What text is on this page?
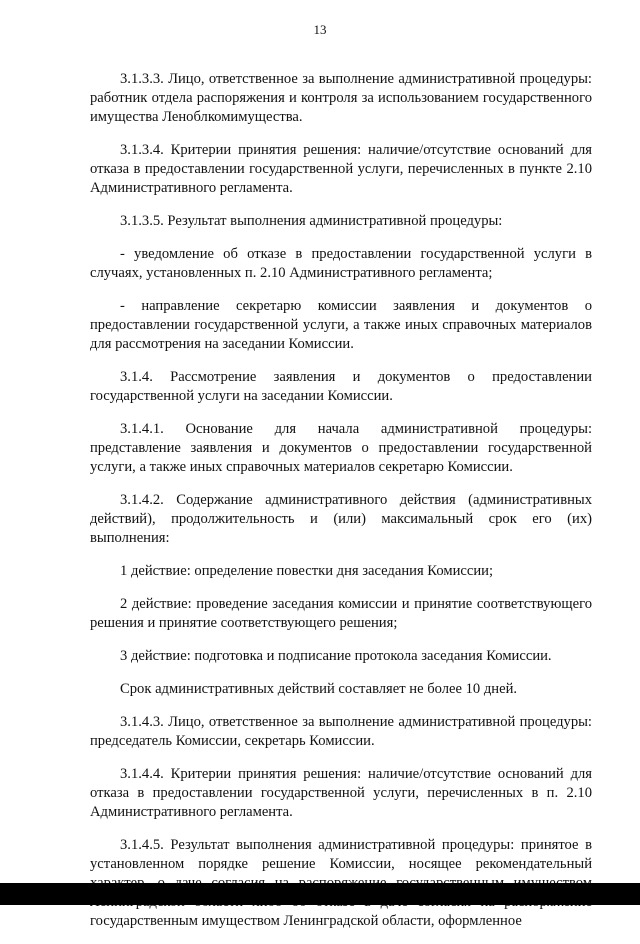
13

3.1.3.3. Лицо, ответственное за выполнение административной процедуры: работник отдела распоряжения и контроля за использованием государственного имущества Леноблкомимущества.

3.1.3.4. Критерии принятия решения: наличие/отсутствие оснований для отказа в предоставлении государственной услуги, перечисленных в пункте 2.10 Административного регламента.

3.1.3.5. Результат выполнения административной процедуры:

- уведомление об отказе в предоставлении государственной услуги в случаях, установленных п. 2.10 Административного регламента;

- направление секретарю комиссии заявления и документов о предоставлении государственной услуги, а также иных справочных материалов для рассмотрения на заседании Комиссии.

3.1.4. Рассмотрение заявления и документов о предоставлении государственной услуги на заседании Комиссии.

3.1.4.1. Основание для начала административной процедуры: представление заявления и документов о предоставлении государственной услуги, а также иных справочных материалов секретарю Комиссии.

3.1.4.2. Содержание административного действия (административных действий), продолжительность и (или) максимальный срок его (их) выполнения:

1 действие: определение повестки дня заседания Комиссии;

2 действие: проведение заседания комиссии и принятие соответствующего решения и принятие соответствующего решения;

3 действие: подготовка и подписание протокола заседания Комиссии.

Срок административных действий составляет не более 10 дней.

3.1.4.3. Лицо, ответственное за выполнение административной процедуры: председатель Комиссии, секретарь Комиссии.

3.1.4.4. Критерии принятия решения: наличие/отсутствие оснований для отказа в предоставлении государственной услуги, перечисленных в п. 2.10 Административного регламента.

3.1.4.5. Результат выполнения административной процедуры: принятое в установленном порядке решение Комиссии, носящее рекомендательный государственным имуществом Ленинградской области, оформленное
